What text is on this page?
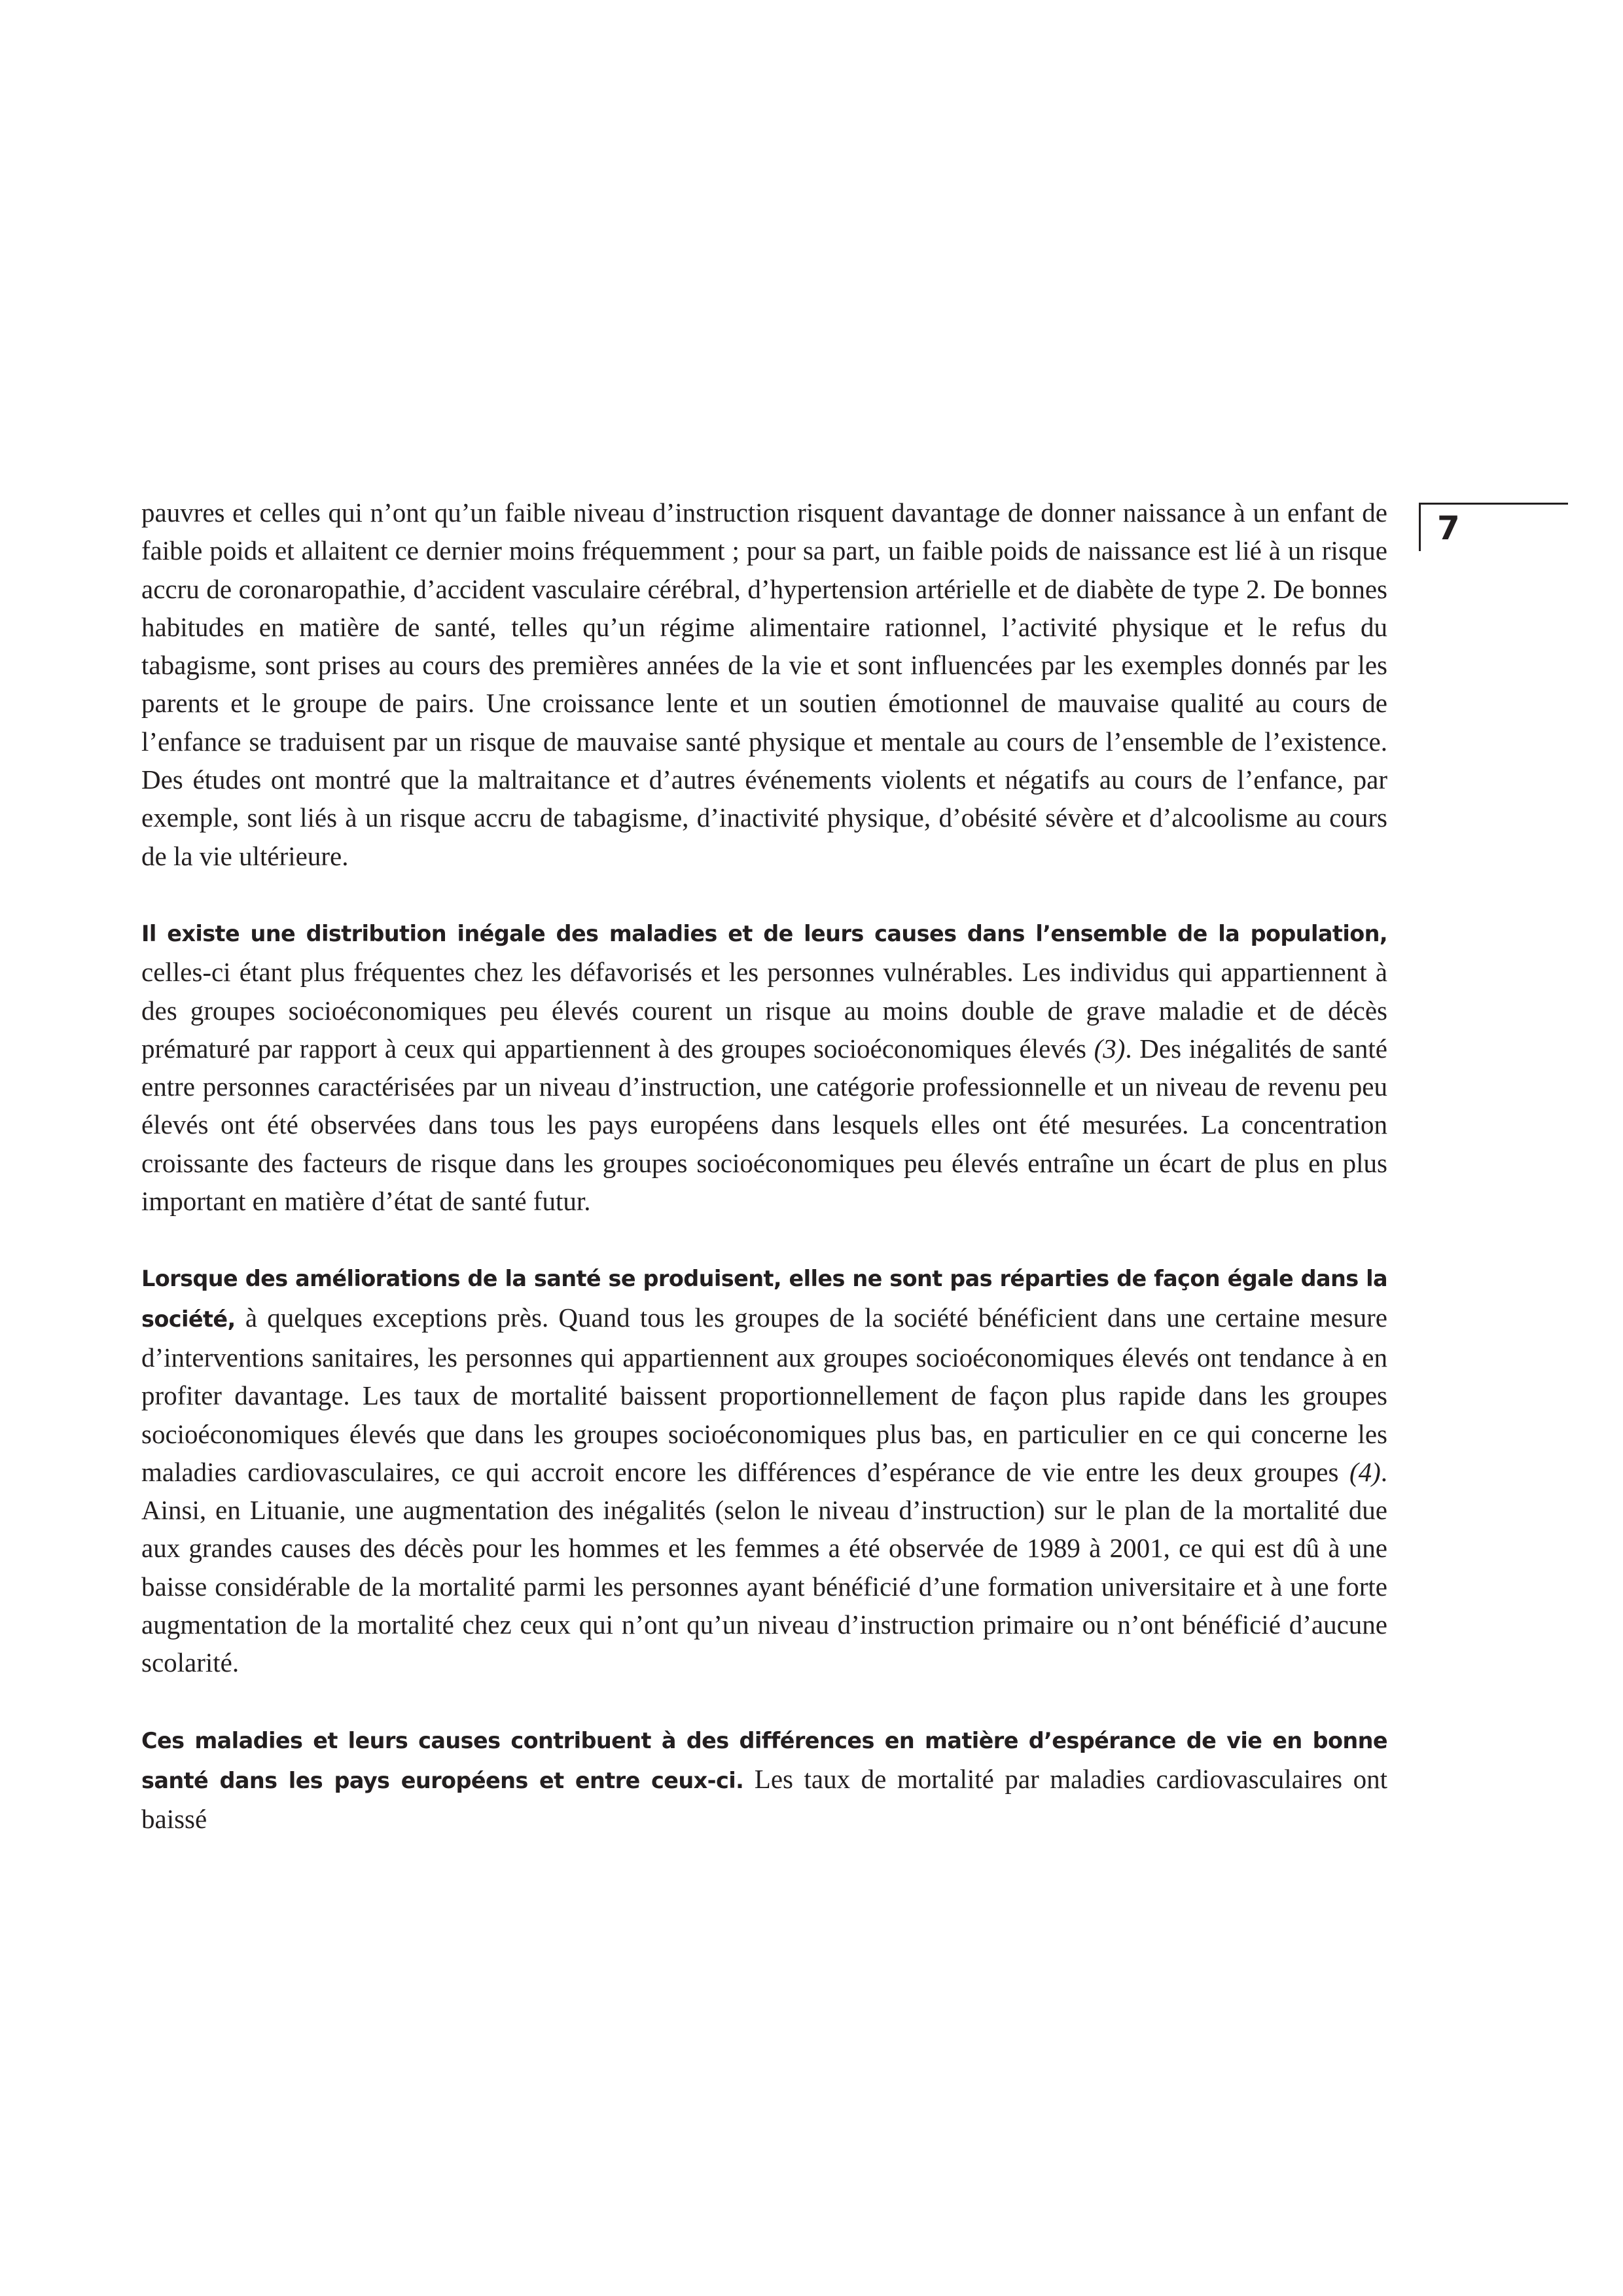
7

pauvres et celles qui n’ont qu’un faible niveau d’instruction risquent davantage de donner naissance à un enfant de faible poids et allaitent ce dernier moins fréquemment ; pour sa part, un faible poids de naissance est lié à un risque accru de coronaropathie, d’accident vasculaire cérébral, d’hypertension artérielle et de diabète de type 2. De bonnes habitudes en matière de santé, telles qu’un régime alimentaire rationnel, l’activité physique et le refus du tabagisme, sont prises au cours des premières années de la vie et sont influencées par les exemples donnés par les parents et le groupe de pairs. Une croissance lente et un soutien émotionnel de mauvaise qualité au cours de l’enfance se traduisent par un risque de mauvaise santé physique et mentale au cours de l’ensemble de l’existence. Des études ont montré que la maltraitance et d’autres événements violents et négatifs au cours de l’enfance, par exemple, sont liés à un risque accru de tabagisme, d’inactivité physique, d’obésité sévère et d’alcoolisme au cours de la vie ultérieure.

Il existe une distribution inégale des maladies et de leurs causes dans l’ensemble de la population, celles-ci étant plus fréquentes chez les défavorisés et les personnes vulnérables. Les individus qui appartiennent à des groupes socioéconomiques peu élevés courent un risque au moins double de grave maladie et de décès prématuré par rapport à ceux qui appartiennent à des groupes socioéconomiques élevés (3). Des inégalités de santé entre personnes caractérisées par un niveau d’instruction, une catégorie professionnelle et un niveau de revenu peu élevés ont été observées dans tous les pays européens dans lesquels elles ont été mesurées. La concentration croissante des facteurs de risque dans les groupes socioéconomiques peu élevés entraîne un écart de plus en plus important en matière d’état de santé futur.

Lorsque des améliorations de la santé se produisent, elles ne sont pas réparties de façon égale dans la société, à quelques exceptions près. Quand tous les groupes de la société bénéficient dans une certaine mesure d’interventions sanitaires, les personnes qui appartiennent aux groupes socioéconomiques élevés ont tendance à en profiter davantage. Les taux de mortalité baissent proportionnellement de façon plus rapide dans les groupes socioéconomiques élevés que dans les groupes socioéconomiques plus bas, en particulier en ce qui concerne les maladies cardiovasculaires, ce qui accroit encore les différences d’espérance de vie entre les deux groupes (4). Ainsi, en Lituanie, une augmentation des inégalités (selon le niveau d’instruction) sur le plan de la mortalité due aux grandes causes des décès pour les hommes et les femmes a été observée de 1989 à 2001, ce qui est dû à une baisse considérable de la mortalité parmi les personnes ayant bénéficié d’une formation universitaire et à une forte augmentation de la mortalité chez ceux qui n’ont qu’un niveau d’instruction primaire ou n’ont bénéficié d’aucune scolarité.

Ces maladies et leurs causes contribuent à des différences en matière d’espérance de vie en bonne santé dans les pays européens et entre ceux-ci. Les taux de mortalité par maladies cardiovasculaires ont baissé
